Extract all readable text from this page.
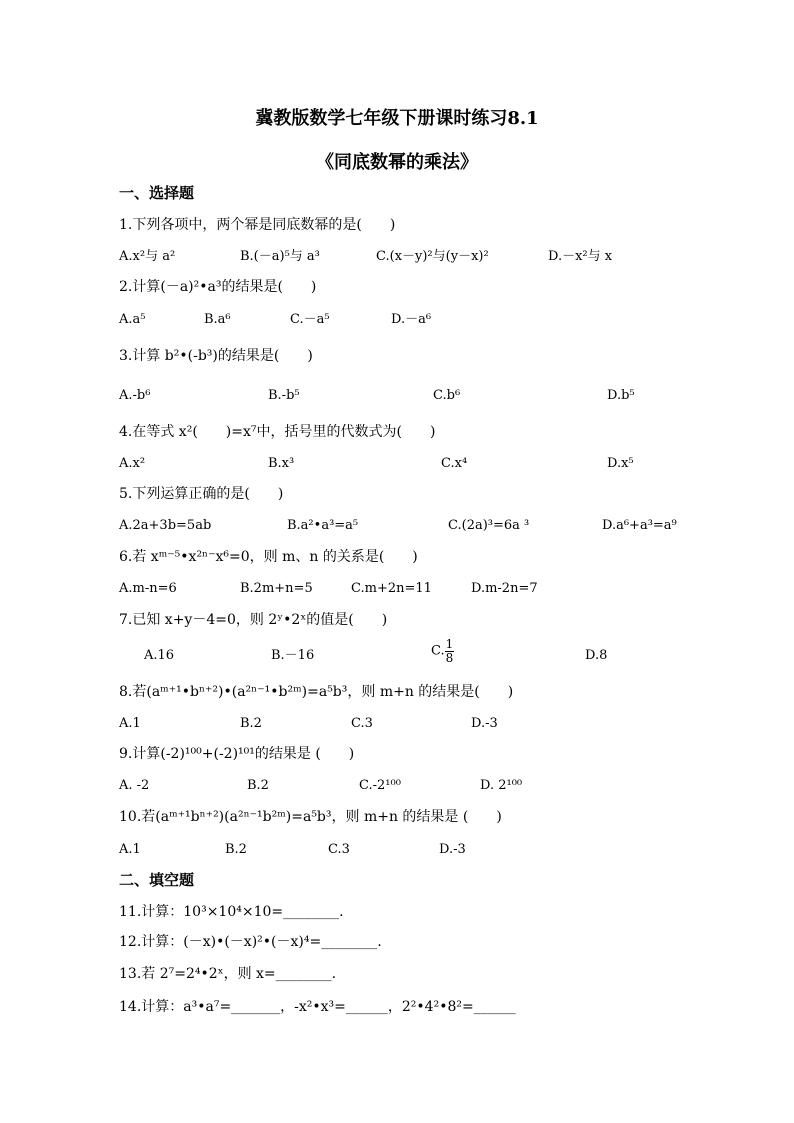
冀教版数学七年级下册课时练习8.1
《同底数幂的乘法》
一、选择题
1.下列各项中，两个幂是同底数幂的是(　　)
A.x²与 a²	B.(－a)⁵与 a³	C.(x－y)²与(y－x)²	D.－x²与 x
2.计算(－a)²•a³的结果是(　　)
A.a⁵	B.a⁶	C.－a⁵	D.－a⁶
3.计算 b²•(-b³)的结果是(　　)
A.-b⁶	B.-b⁵	C.b⁶	D.b⁵
4.在等式 x²(　　)=x⁷中，括号里的代数式为(　　)
A.x²	B.x³	C.x⁴	D.x⁵
5.下列运算正确的是(　　)
A.2a+3b=5ab	B.a²•a³=a⁵	C.(2a)³=6a ³	D.a⁶+a³=a⁹
6.若 xᵐ⁻⁵•x²ⁿ⁻x⁶=0，则 m、n 的关系是(　　)
A.m-n=6	B.2m+n=5	C.m+2n=11	D.m-2n=7
7.已知 x+y－4=0，则 2ʸ•2ˣ的值是(　　)
A.16	B.－16	C. $\frac{1}{8}$	D.8
8.若(aᵐ⁺¹•bⁿ⁺²)•(a²ⁿ⁻¹•b²ᵐ)=a⁵b³，则 m+n 的结果是(　　)
A.1	B.2	C.3	D.-3
9.计算(-2)¹⁰⁰+(-2)¹⁰¹的结果是 (　　)
A. -2	B.2	C.-2¹⁰⁰	D. 2¹⁰⁰
10.若(aᵐ⁺¹bⁿ⁺²)(a²ⁿ⁻¹b²ᵐ)=a⁵b³，则 m+n 的结果是 (　　)
A.1	B.2	C.3	D.-3
二、填空题
11.计算：10³×10⁴×10=________.
12.计算：(－x)•(－x)²•(－x)⁴=________.
13.若 2⁷=2⁴•2ˣ，则 x=________.
14.计算：a³•a⁷=_______，-x²•x³=______，2²•4²•8²=______
